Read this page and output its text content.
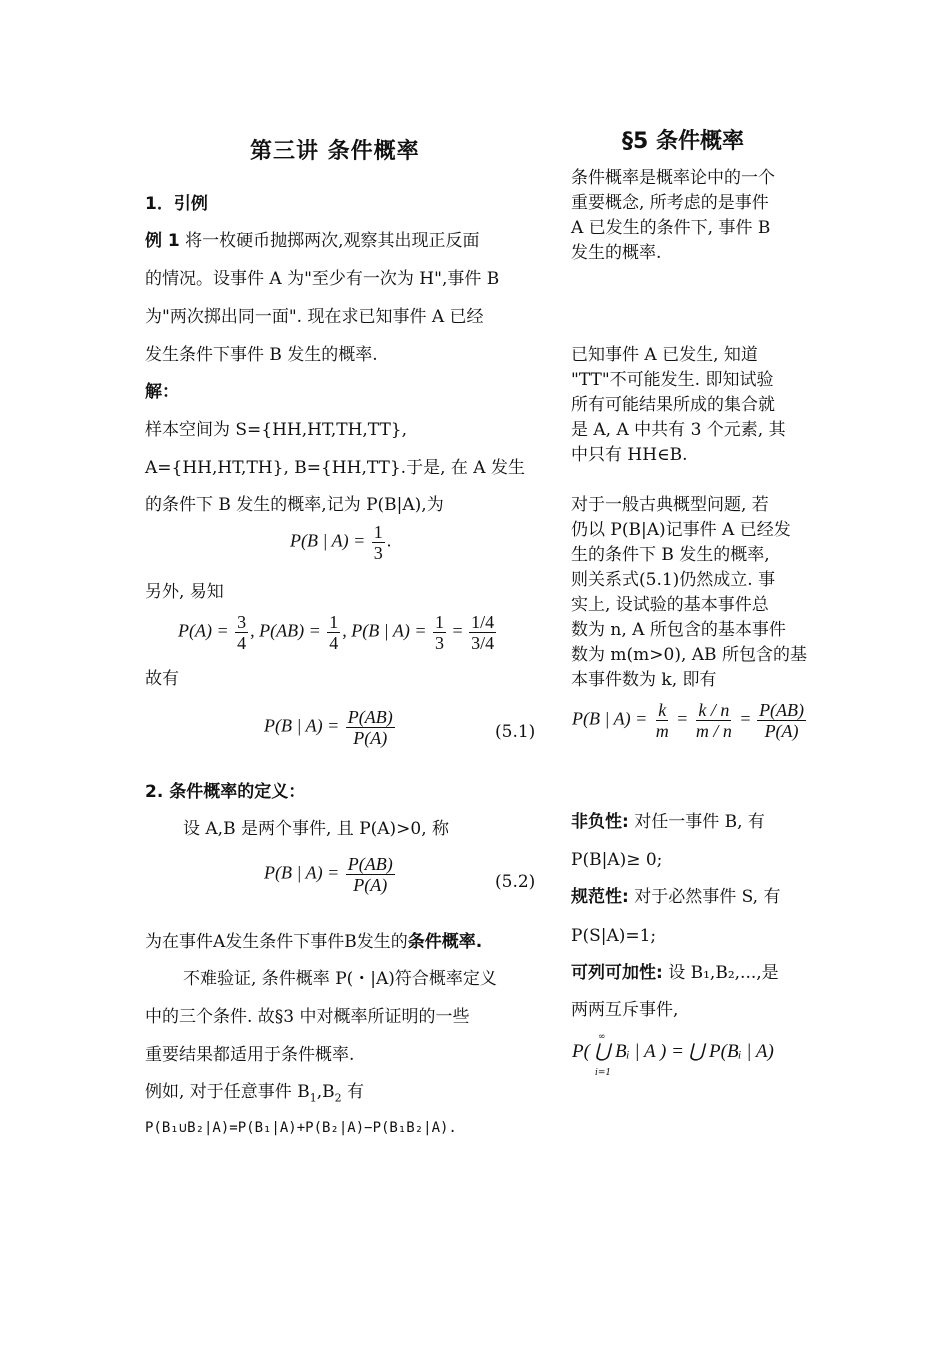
第三讲 条件概率
1．引例
例 1 将一枚硬币抛掷两次,观察其出现正反面
的情况。设事件 A 为"至少有一次为 H",事件 B
为"两次掷出同一面". 现在求已知事件 A 已经
发生条件下事件 B 发生的概率.
解：
样本空间为 S={HH,HT,TH,TT},
A={HH,HT,TH}, B={HH,TT}.于是, 在 A 发生
的条件下 B 发生的概率,记为 P(B|A),为
P(B | $A) = \frac{1}{3}$ .
另外, 易知
$P(A) = \frac{3}{4}$ , $P(AB) = \frac{1}{4}$ , P(B | $A) = \frac{1}{3} = \frac{1/4}{3/4}$
故有
P(B | $A) = \frac{P(AB)}{P(A)}$	(5.1)
2. 条件概率的定义：
设 A,B 是两个事件, 且 P(A)>0, 称
P(B | $A) = \frac{P(AB)}{P(A)}$	(5.2)
为在事件A发生条件下事件B发生的条件概率.
不难验证, 条件概率 P(・|A)符合概率定义
中的三个条件. 故§3 中对概率所证明的一些
重要结果都适用于条件概率.
例如, 对于任意事件 $B_1,B_2$ 有
P(B₁∪B₂|A)=P(B₁|A)+P(B₂|A)−P(B₁B₂|A).
§5 条件概率
条件概率是概率论中的一个
重要概念, 所考虑的是事件
A 已发生的条件下, 事件 B
发生的概率.
已知事件 A 已发生, 知道
"TT"不可能发生. 即知试验
所有可能结果所成的集合就
是 A, A 中共有 3 个元素, 其
中只有 HH∈B.
对于一般古典概型问题, 若
仍以 P(B|A)记事件 A 已经发
生的条件下 B 发生的概率,
则关系式(5.1)仍然成立. 事
实上, 设试验的基本事件总
数为 n, A 所包含的基本事件
数为 m(m>0), AB 所包含的基
本事件数为 k, 即有
P(B | $A) = \frac{k}{m} = \frac{k / n}{m / n} = \frac{P(AB)}{P(A)}$
非负性: 对任一事件 B, 有
P(B|A)≥ 0;
规范性: 对于必然事件 S, 有
P(S|A)=1;
可列可加性: 设 B₁,B₂,...,是
两两互斥事件,
P( ⋃ Bᵢ | A ) = ⋃ P(Bᵢ | A)
∞
i=1
